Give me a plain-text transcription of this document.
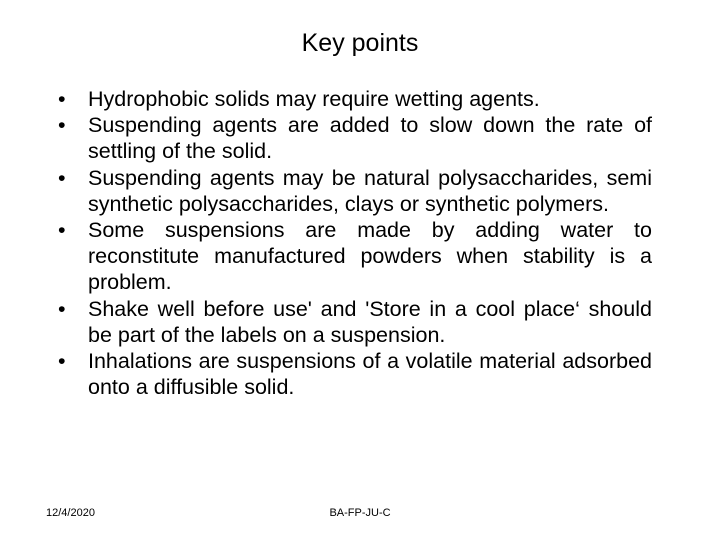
Key points
•	Hydrophobic solids may require wetting agents.
•	Suspending agents are added to slow down the rate of settling of the solid.
•	Suspending agents may be natural polysaccharides, semi synthetic polysaccharides, clays or synthetic polymers.
•	Some suspensions are made by adding water to reconstitute manufactured powders when stability is a problem.
•	Shake well before use' and 'Store in a cool place‘ should be part of the labels on a suspension.
•	Inhalations are suspensions of a volatile material adsorbed onto a diffusible solid.
12/4/2020	BA-FP-JU-C
